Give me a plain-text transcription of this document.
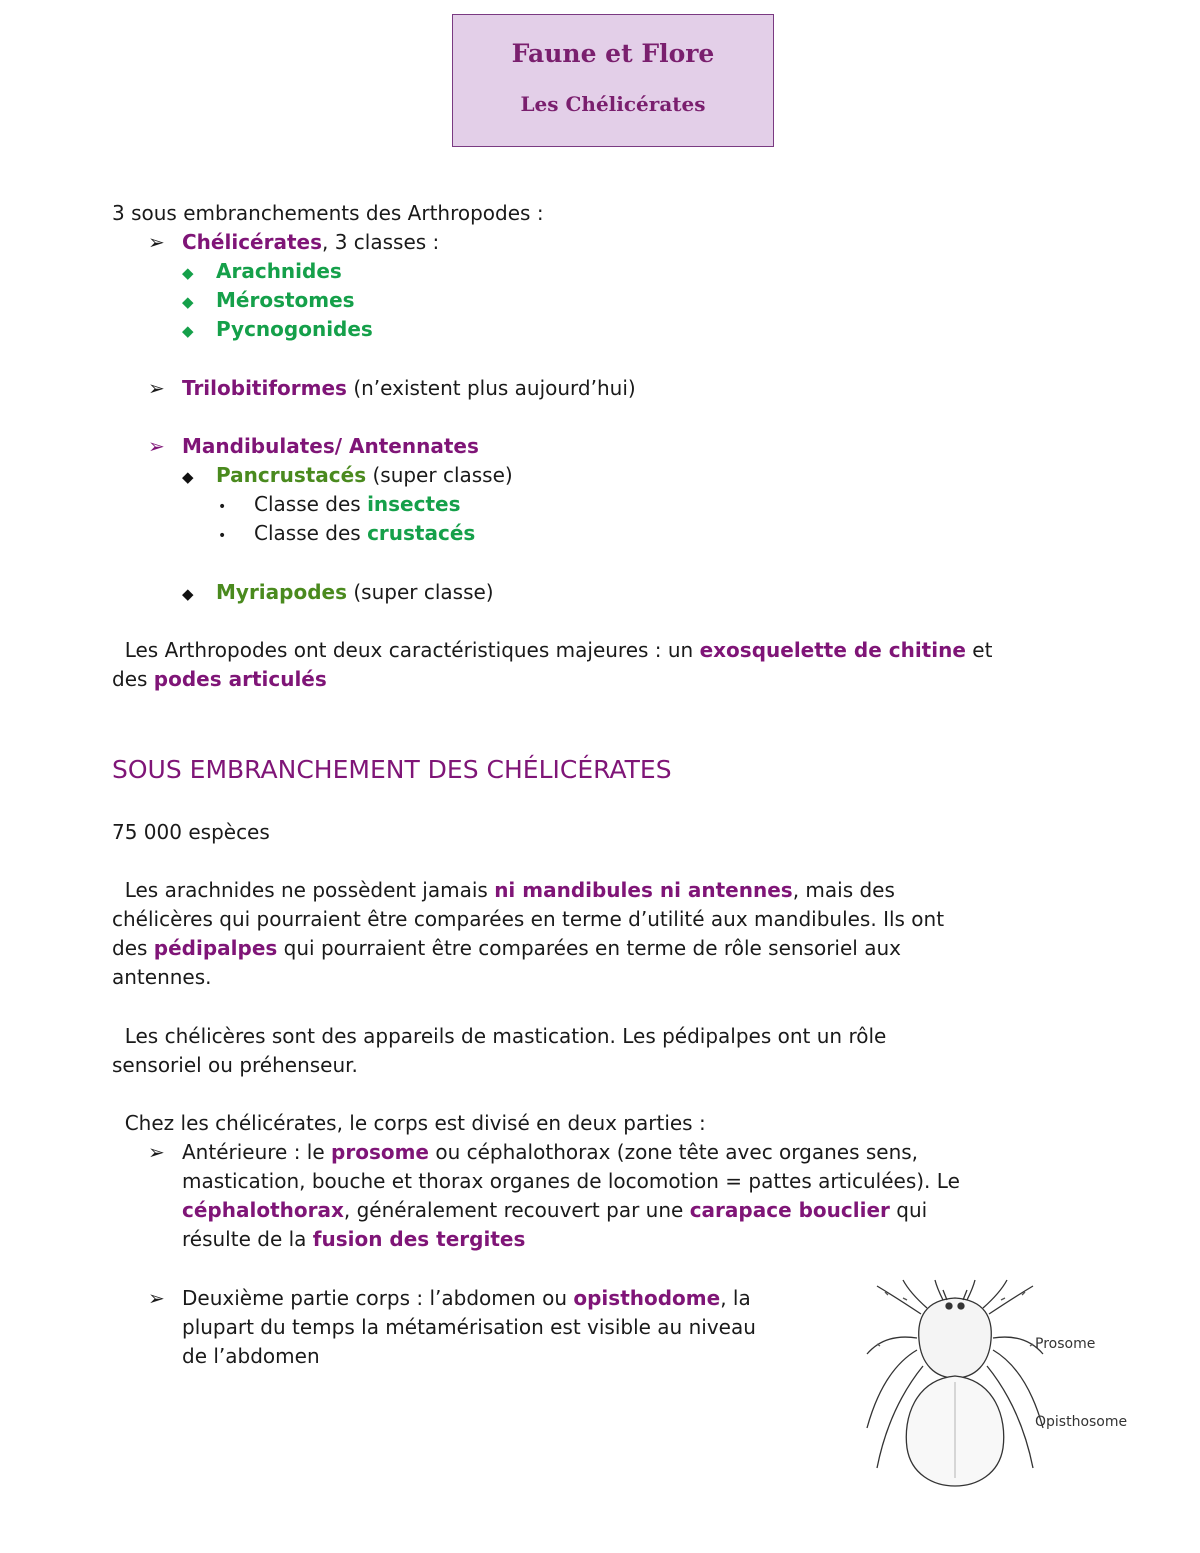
Faune et Flore
Les Chélicérates
3 sous embranchements des Arthropodes :
➢ Chélicérates, 3 classes :
◆ Arachnides
◆ Mérostomes
◆ Pycnogonides
➢ Trilobitiformes (n’existent plus aujourd’hui)
➢ Mandibulates/ Antennates
◆ Pancrustacés (super classe)
• Classe des insectes
• Classe des crustacés
◆ Myriapodes (super classe)
Les Arthropodes ont deux caractéristiques majeures : un exosquelette de chitine et
des podes articulés
SOUS EMBRANCHEMENT DES CHÉLICÉRATES
75 000 espèces
Les arachnides ne possèdent jamais ni mandibules ni antennes, mais des
chélicères qui pourraient être comparées en terme d’utilité aux mandibules. Ils ont
des pédipalpes qui pourraient être comparées en terme de rôle sensoriel aux
antennes.
Les chélicères sont des appareils de mastication. Les pédipalpes ont un rôle
sensoriel ou préhenseur.
Chez les chélicérates, le corps est divisé en deux parties :
➢ Antérieure : le prosome ou céphalothorax (zone tête avec organes sens,
mastication, bouche et thorax organes de locomotion = pattes articulées). Le
céphalothorax, généralement recouvert par une carapace bouclier qui
résulte de la fusion des tergites
➢ Deuxième partie corps : l’abdomen ou opisthodome, la
plupart du temps la métamérisation est visible au niveau
de l’abdomen	Prosome
Opisthosome
